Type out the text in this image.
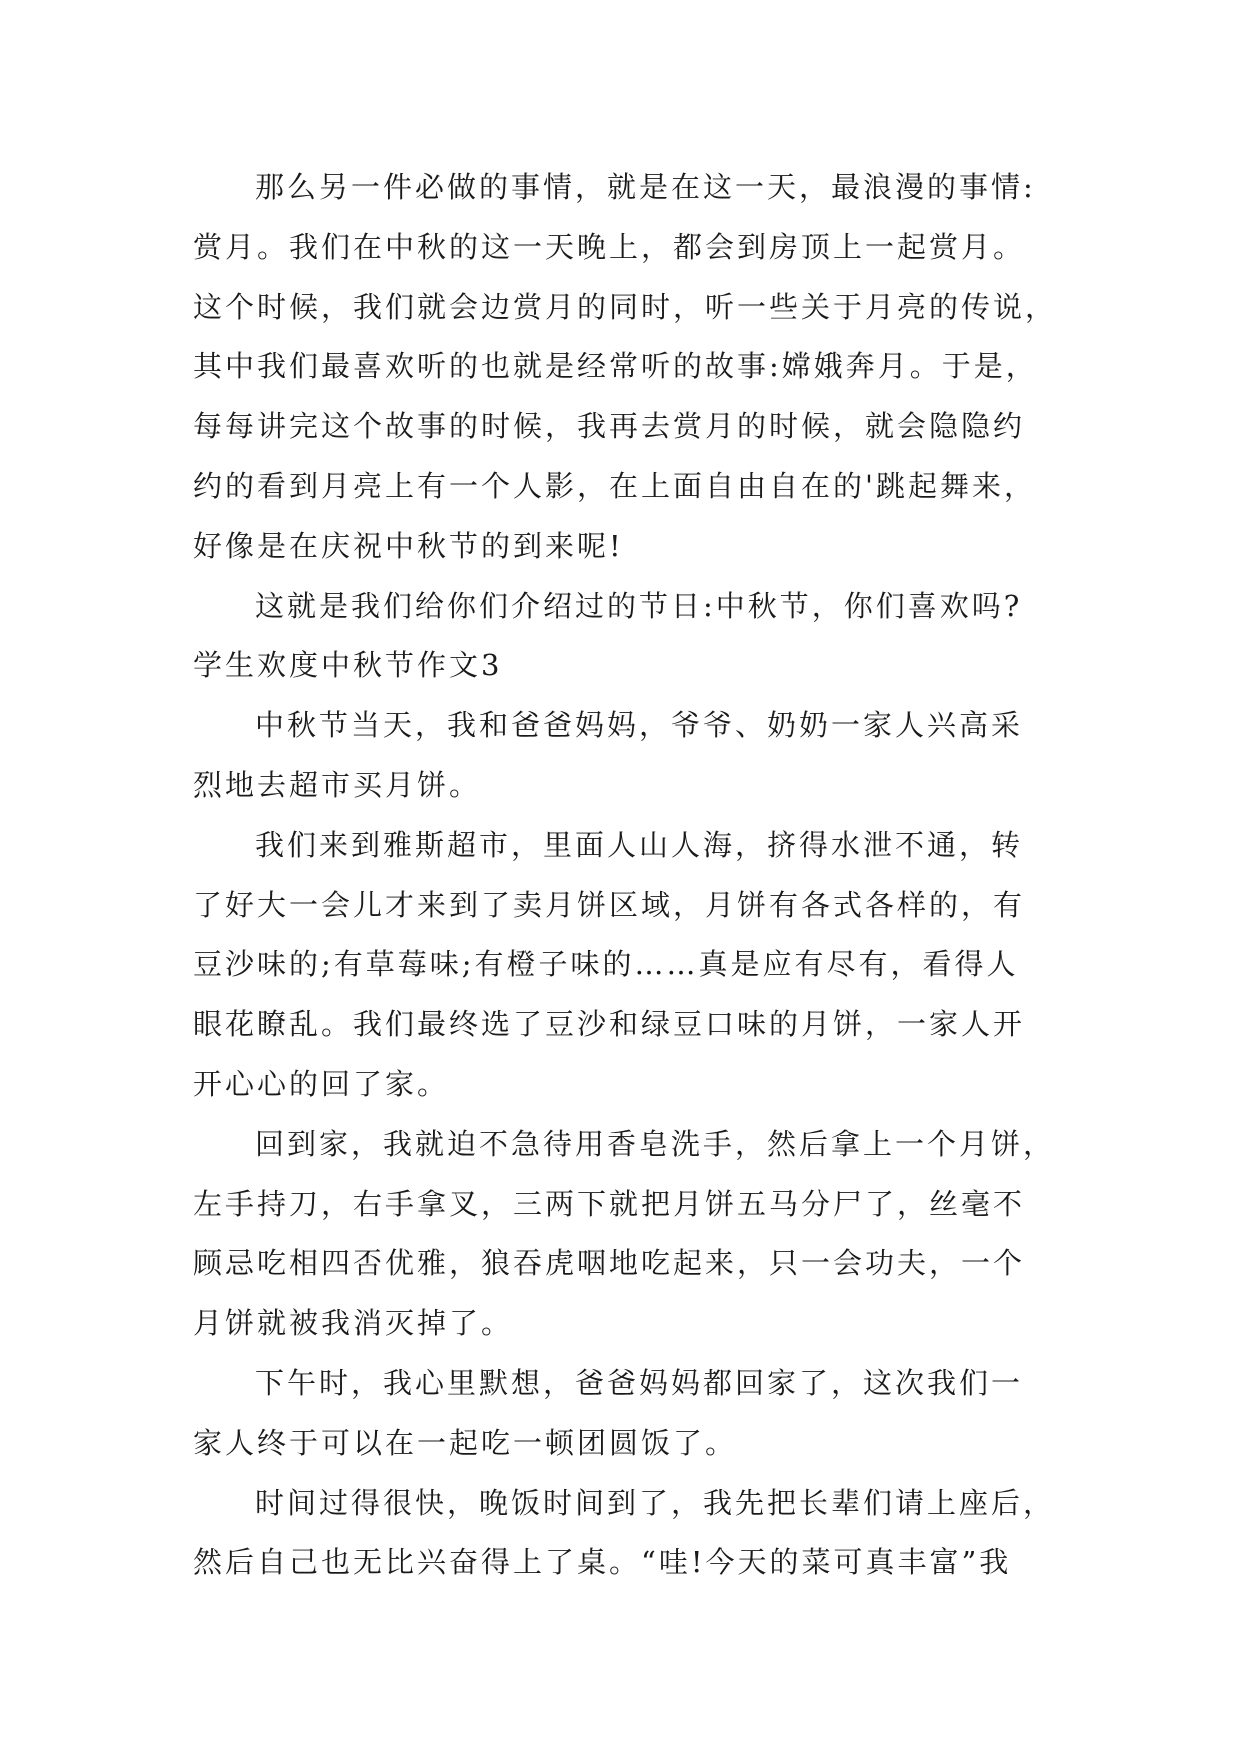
那么另一件必做的事情，就是在这一天，最浪漫的事情:
赏月。我们在中秋的这一天晚上，都会到房顶上一起赏月。
这个时候，我们就会边赏月的同时，听一些关于月亮的传说，
其中我们最喜欢听的也就是经常听的故事:嫦娥奔月。于是，
每每讲完这个故事的时候，我再去赏月的时候，就会隐隐约
约的看到月亮上有一个人影，在上面自由自在的'跳起舞来，
好像是在庆祝中秋节的到来呢!
这就是我们给你们介绍过的节日:中秋节，你们喜欢吗?
学生欢度中秋节作文3
中秋节当天，我和爸爸妈妈，爷爷、奶奶一家人兴高采
烈地去超市买月饼。
我们来到雅斯超市，里面人山人海，挤得水泄不通，转
了好大一会儿才来到了卖月饼区域，月饼有各式各样的，有
豆沙味的;有草莓味;有橙子味的……真是应有尽有，看得人
眼花瞭乱。我们最终选了豆沙和绿豆口味的月饼，一家人开
开心心的回了家。
回到家，我就迫不急待用香皂洗手，然后拿上一个月饼，
左手持刀，右手拿叉，三两下就把月饼五马分尸了，丝毫不
顾忌吃相四否优雅，狼吞虎咽地吃起来，只一会功夫，一个
月饼就被我消灭掉了。
下午时，我心里默想，爸爸妈妈都回家了，这次我们一
家人终于可以在一起吃一顿团圆饭了。
时间过得很快，晚饭时间到了，我先把长辈们请上座后，
然后自己也无比兴奋得上了桌。“哇!今天的菜可真丰富”我
